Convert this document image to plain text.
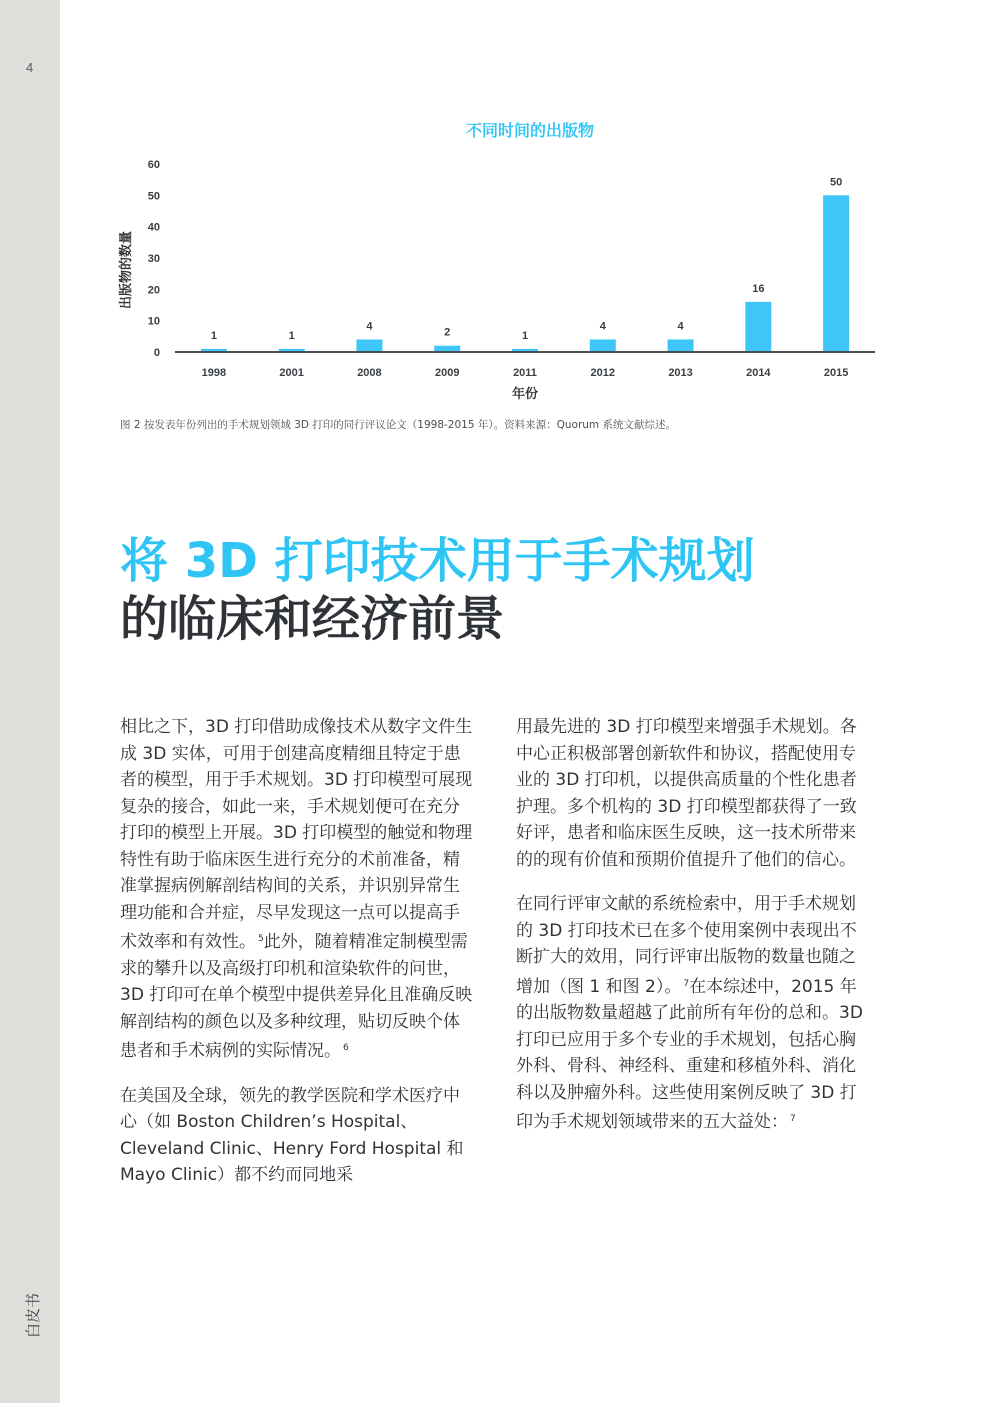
4
白皮书
不同时间的出版物
0
10
20
30
40
50
60
1
1998
1
2001
4
2008
2
2009
1
2011
4
2012
4
2013
16
2014
50
2015
年份
出版物的数量
图 2 按发表年份列出的手术规划领域 3D 打印的同行评议论文（1998-2015 年）。资料来源：Quorum 系统文献综述。
将 3D 打印技术用于手术规划
的临床和经济前景

相比之下，3D 打印借助成像技术从数字文件生成 3D 实体，可用于创建高度精细且特定于患者的模型，用于手术规划。3D 打印模型可展现复杂的接合，如此一来，手术规划便可在充分打印的模型上开展。3D 打印模型的触觉和物理特性有助于临床医生进行充分的术前准备，精准掌握病例解剖结构间的关系，并识别异常生理功能和合并症，尽早发现这一点可以提高手术效率和有效性。 $^5$此外，随着精准定制模型需求的攀升以及高级打印机和渲染软件的问世，3D 打印可在单个模型中提供差异化且准确反映解剖结构的颜色以及多种纹理，贴切反映个体患者和手术病例的实际情况。 $^6$

在美国及全球，领先的教学医院和学术医疗中心（如 Boston Children’s Hospital、Cleveland Clinic、Henry Ford Hospital 和 Mayo Clinic）都不约而同地采

用最先进的 3D 打印模型来增强手术规划。各中心正积极部署创新软件和协议，搭配使用专业的 3D 打印机，以提供高质量的个性化患者护理。多个机构的 3D 打印模型都获得了一致好评，患者和临床医生反映，这一技术所带来的的现有价值和预期价值提升了他们的信心。

在同行评审文献的系统检索中，用于手术规划的 3D 打印技术已在多个使用案例中表现出不断扩大的效用，同行评审出版物的数量也随之增加（图 1 和图 2）。 $^7$在本综述中，2015 年的出版物数量超越了此前所有年份的总和。3D 打印已应用于多个专业的手术规划，包括心胸外科、骨科、神经科、重建和移植外科、消化科以及肿瘤外科。这些使用案例反映了 3D 打印为手术规划领域带来的五大益处： $^7$
